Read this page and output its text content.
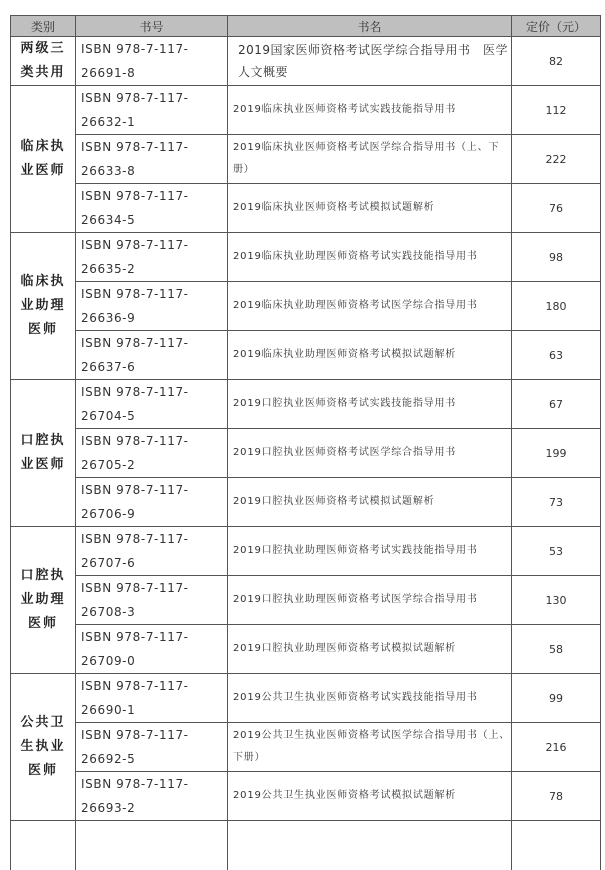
类别	书号	书名	定价（元）
两级三类共用	ISBN 978-7-117-26691-8	2019国家医师资格考试医学综合指导用书　医学人文概要	82
临床执业医师	ISBN 978-7-117-26632-1	2019临床执业医师资格考试实践技能指导用书	112
	ISBN 978-7-117-26633-8	2019临床执业医师资格考试医学综合指导用书（上、下册）	222
	ISBN 978-7-117-26634-5	2019临床执业医师资格考试模拟试题解析	76
临床执业助理医师	ISBN 978-7-117-26635-2	2019临床执业助理医师资格考试实践技能指导用书	98
	ISBN 978-7-117-26636-9	2019临床执业助理医师资格考试医学综合指导用书	180
	ISBN 978-7-117-26637-6	2019临床执业助理医师资格考试模拟试题解析	63
口腔执业医师	ISBN 978-7-117-26704-5	2019口腔执业医师资格考试实践技能指导用书	67
	ISBN 978-7-117-26705-2	2019口腔执业医师资格考试医学综合指导用书	199
	ISBN 978-7-117-26706-9	2019口腔执业医师资格考试模拟试题解析	73
口腔执业助理医师	ISBN 978-7-117-26707-6	2019口腔执业助理医师资格考试实践技能指导用书	53
	ISBN 978-7-117-26708-3	2019口腔执业助理医师资格考试医学综合指导用书	130
	ISBN 978-7-117-26709-0	2019口腔执业助理医师资格考试模拟试题解析	58
公共卫生执业医师	ISBN 978-7-117-26690-1	2019公共卫生执业医师资格考试实践技能指导用书	99
	ISBN 978-7-117-26692-5	2019公共卫生执业医师资格考试医学综合指导用书（上、下册）	216
	ISBN 978-7-117-26693-2	2019公共卫生执业医师资格考试模拟试题解析	78
